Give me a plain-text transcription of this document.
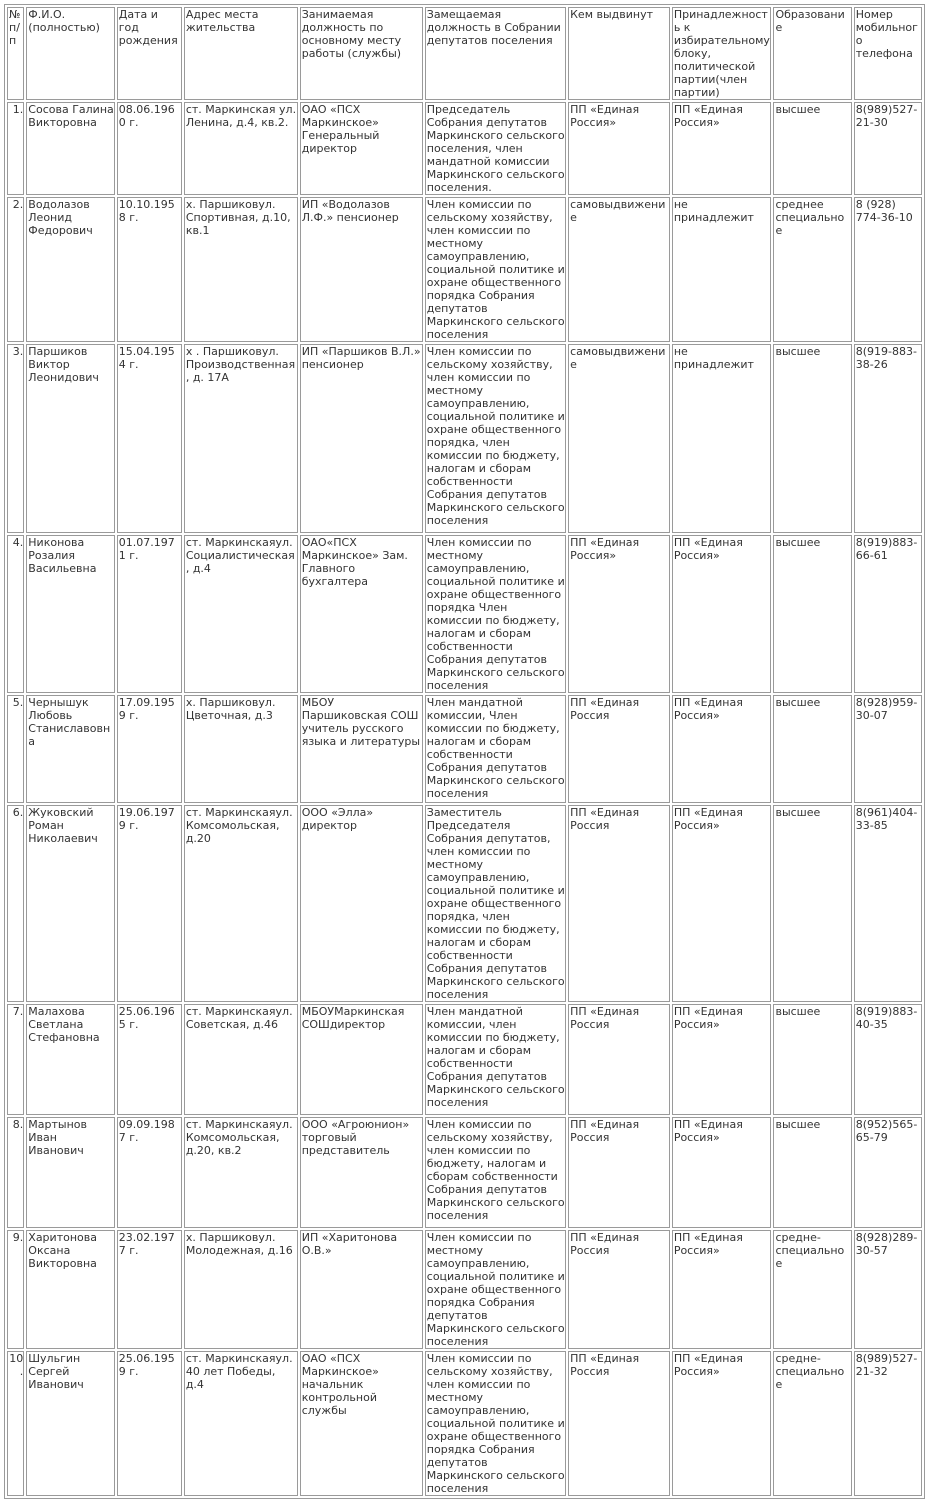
№ п/п	Ф.И.О. (полностью)	Дата и год рождения	Адрес места жительства	Занимаемая должность по основному месту работы (службы)	Замещаемая должность в Собрании депутатов поселения	Кем выдвинут	Принадлежность к избирательному блоку, политической партии(член партии)	Образование	Номер мобильного телефона
1.	Сосова Галина Викторовна	08.06.1960 г.	ст. Маркинская ул. Ленина, д.4, кв.2.	ОАО «ПСХ Маркинское» Генеральный директор	Председатель Собрания депутатов Маркинского сельского поселения, член мандатной комиссии Маркинского сельского поселения.	ПП «Единая Россия»	ПП «Единая Россия»	высшее	8(989)527-21-30
2.	Водолазов Леонид Федорович	10.10.1958 г.	х. Паршиковул. Спортивная, д.10, кв.1	ИП «Водолазов Л.Ф.» пенсионер	Член комиссии по сельскому хозяйству, член комиссии по местному самоуправлению, социальной политике и охране общественного порядка Собрания депутатов Маркинского сельского поселения	самовыдвижение	не принадлежит	среднее специальное	8 (928) 774-36-10
3.	Паршиков Виктор Леонидович	15.04.1954 г.	х . Паршиковул. Производственная, д. 17А	ИП «Паршиков В.Л.» пенсионер	Член комиссии по сельскому хозяйству, член комиссии по местному самоуправлению, социальной политике и охране общественного порядка, член комиссии по бюджету, налогам и сборам собственности Собрания депутатов Маркинского сельского поселения	самовыдвижение	не принадлежит	высшее	8(919-883-38-26
4.	Никонова Розалия Васильевна	01.07.1971 г.	ст. Маркинскаяул. Социалистическая, д.4	ОАО«ПСХ Маркинское» Зам. Главного бухгалтера	Член комиссии по местному самоуправлению, социальной политике и охране общественного порядка Член комиссии по бюджету, налогам и сборам собственности Собрания депутатов Маркинского сельского поселения	ПП «Единая Россия»	ПП «Единая Россия»	высшее	8(919)883-66-61
5.	Чернышук Любовь Станиславовна	17.09.1959 г.	х. Паршиковул. Цветочная, д.3	МБОУ Паршиковская СОШ учитель русского языка и литературы	Член мандатной комиссии, Член комиссии по бюджету, налогам и сборам собственности Собрания депутатов Маркинского сельского поселения	ПП «Единая Россия	ПП «Единая Россия»	высшее	8(928)959-30-07
6.	Жуковский Роман Николаевич	19.06.1979 г.	ст. Маркинскаяул. Комсомольская, д.20	ООО «Элла» директор	Заместитель Председателя Собрания депутатов, член комиссии по местному самоуправлению, социальной политике и охране общественного порядка, член комиссии по бюджету, налогам и сборам собственности Собрания депутатов Маркинского сельского поселения	ПП «Единая Россия	ПП «Единая Россия»	высшее	8(961)404-33-85
7.	Малахова Светлана Стефановна	25.06.1965 г.	ст. Маркинскаяул. Советская, д.46	МБОУМаркинская СОШдиректор	Член мандатной комиссии, член комиссии по бюджету, налогам и сборам собственности Собрания депутатов Маркинского сельского поселения	ПП «Единая Россия	ПП «Единая Россия»	высшее	8(919)883-40-35
8.	Мартынов Иван Иванович	09.09.1987 г.	ст. Маркинскаяул. Комсомольская, д.20, кв.2	ООО «Агроюнион» торговый представитель	Член комиссии по сельскому хозяйству, член комиссии по бюджету, налогам и сборам собственности Собрания депутатов Маркинского сельского поселения	ПП «Единая Россия	ПП «Единая Россия»	высшее	8(952)565-65-79
9.	Харитонова Оксана Викторовна	23.02.1977 г.	х. Паршиковул. Молодежная, д.16	ИП «Харитонова О.В.»	Член комиссии по местному самоуправлению, социальной политике и охране общественного порядка Собрания депутатов Маркинского сельского поселения	ПП «Единая Россия	ПП «Единая Россия»	средне-специальное	8(928)289-30-57
10.	Шульгин Сергей Иванович	25.06.1959 г.	ст. Маркинскаяул. 40 лет Победы, д.4	ОАО «ПСХ Маркинское» начальник контрольной службы	Член комиссии по сельскому хозяйству, член комиссии по местному самоуправлению, социальной политике и охране общественного порядка Собрания депутатов Маркинского сельского поселения	ПП «Единая Россия	ПП «Единая Россия»	средне-специальное	8(989)527-21-32
